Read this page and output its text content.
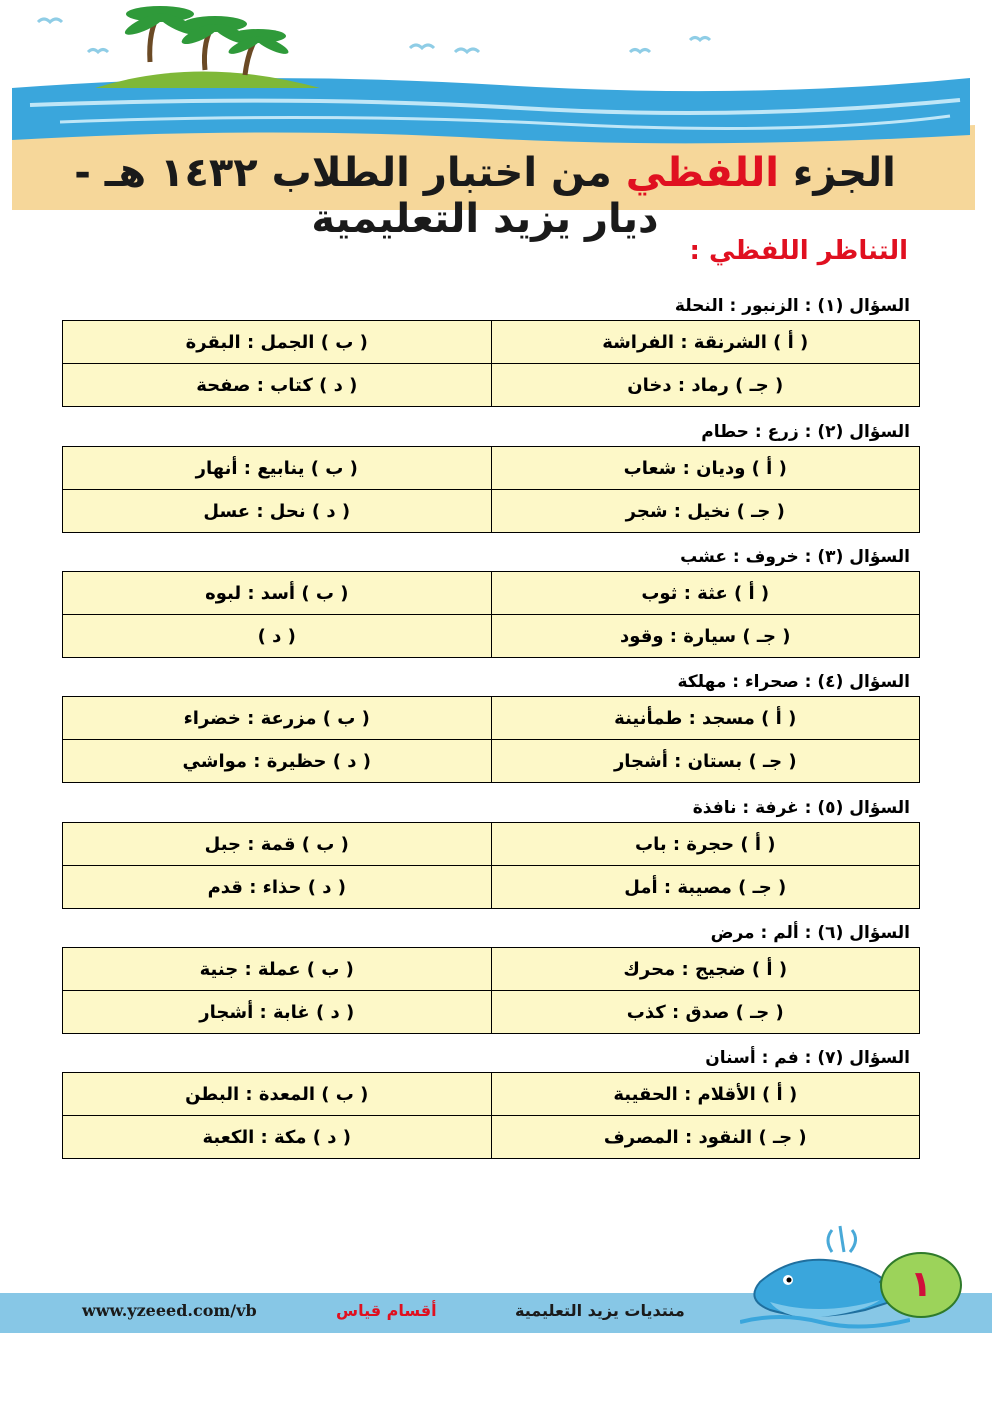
الجزء اللفظي من اختبار الطلاب ١٤٣٢ هـ - ديار يزيد التعليمية
التناظر اللفظي :
السؤال (١) : الزنبور : النحلة
( أ ) الشرنقة : الفراشة	( ب ) الجمل : البقرة
( جـ ) رماد : دخان	( د ) كتاب : صفحة
السؤال (٢) : زرع : حطام
( أ ) وديان : شعاب	( ب ) ينابيع : أنهار
( جـ ) نخيل : شجر	( د ) نحل : عسل
السؤال (٣) : خروف : عشب
( أ ) عثة : ثوب	( ب ) أسد : لبوه
( جـ ) سيارة : وقود	( د )
السؤال (٤) : صحراء : مهلكة
( أ ) مسجد : طمأنينة	( ب ) مزرعة : خضراء
( جـ ) بستان : أشجار	( د ) حظيرة : مواشي
السؤال (٥) : غرفة : نافذة
( أ ) حجرة : باب	( ب ) قمة : جبل
( جـ ) مصيبة : أمل	( د ) حذاء : قدم
السؤال (٦) : ألم : مرض
( أ ) ضجيج : محرك	( ب ) عملة : جنية
( جـ ) صدق : كذب	( د ) غابة : أشجار
السؤال (٧) : فم : أسنان
( أ ) الأقلام : الحقيبة	( ب ) المعدة : البطن
( جـ ) النقود : المصرف	( د ) مكة : الكعبة
www.yzeeed.com/vb	أقسام قياس	منتديات يزيد التعليمية
١
